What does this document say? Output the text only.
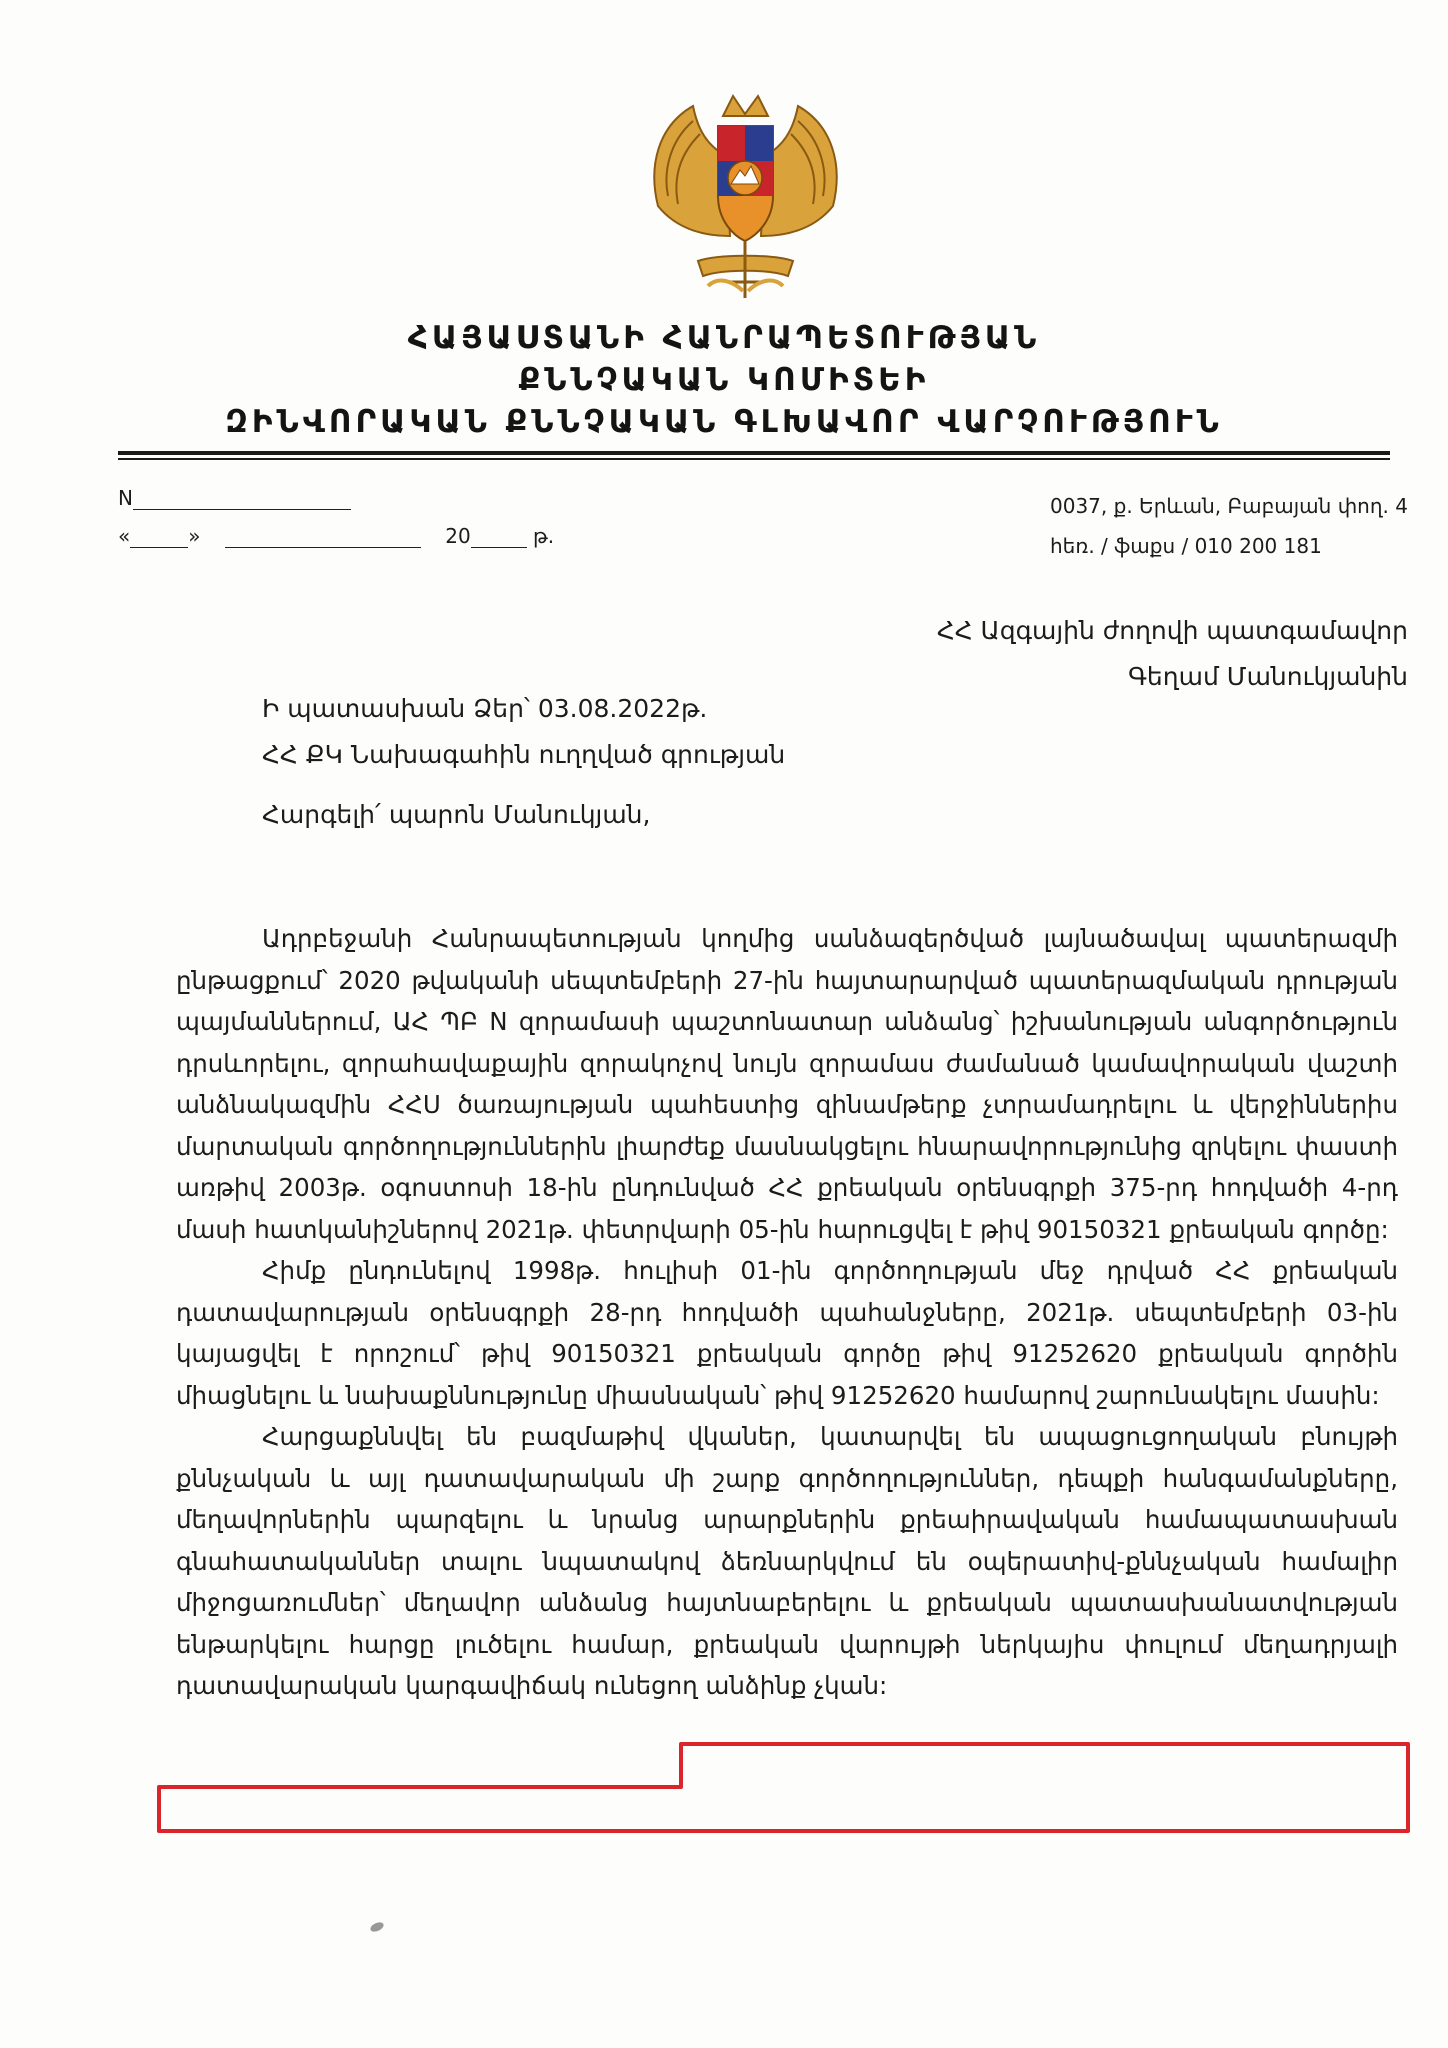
ՀԱՅԱՍՏԱՆԻ ՀԱՆՐԱՊԵՏՈՒԹՅԱՆ
ՔՆՆՉԱԿԱՆ ԿՈՄԻՏԵԻ
ԶԻՆՎՈՐԱԿԱՆ ՔՆՆՉԱԿԱՆ ԳԼԽԱՎՈՐ ՎԱՐՉՈՒԹՅՈՒՆ
N
«	»	20	թ.
0037, ք. Երևան, Բաբայան փող. 4
հեռ. / ֆաքս / 010 200 181
ՀՀ Ազգային ժողովի պատգամավոր
Գեղամ Մանուկյանին
Ի պատասխան Ձեր՝ 03.08.2022թ.
ՀՀ ՔԿ Նախագահին ուղղված գրության
Հարգելի՛ պարոն Մանուկյան,

Ադրբեջանի Հանրապետության կողմից սանձազերծված լայնածավալ պատերազմի ընթացքում՝ 2020 թվականի սեպտեմբերի 27-ին հայտարարված պատերազմական դրության պայմաններում, ԱՀ ՊԲ N զորամասի պաշտոնատար անձանց՝ իշխանության անգործություն դրսևորելու, զորահավաքային զորակոչով նույն զորամաս ժամանած կամավորական վաշտի անձնակազմին ՀՀՍ ծառայության պահեստից զինամթերք չտրամադրելու և վերջիններիս մարտական գործողություններին լիարժեք մասնակցելու հնարավորությունից զրկելու փաստի առթիվ 2003թ. օգոստոսի 18-ին ընդունված ՀՀ քրեական օրենսգրքի 375-րդ հոդվածի 4-րդ մասի հատկանիշներով 2021թ. փետրվարի 05-ին հարուցվել է թիվ 90150321 քրեական գործը:

Հիմք ընդունելով 1998թ. հուլիսի 01-ին գործողության մեջ դրված ՀՀ քրեական դատավարության օրենսգրքի 28-րդ հոդվածի պահանջները, 2021թ. սեպտեմբերի 03-ին կայացվել է որոշում՝ թիվ 90150321 քրեական գործը թիվ 91252620 քրեական գործին միացնելու և նախաքննությունը միասնական՝ թիվ 91252620 համարով շարունակելու մասին:

Հարցաքննվել են բազմաթիվ վկաներ, կատարվել են ապացուցողական բնույթի քննչական և այլ դատավարական մի շարք գործողություններ, դեպքի հանգամանքները, մեղավորներին պարզելու և նրանց արարքներին քրեաիրավական համապատասխան գնահատականներ տալու նպատակով ձեռնարկվում են օպերատիվ-քննչական համալիր միջոցառումներ՝ մեղավոր անձանց հայտնաբերելու և քրեական պատասխանատվության ենթարկելու հարցը լուծելու համար, քրեական վարույթի ներկայիս փուլում մեղադրյալի դատավարական կարգավիճակ ունեցող անձինք չկան:
